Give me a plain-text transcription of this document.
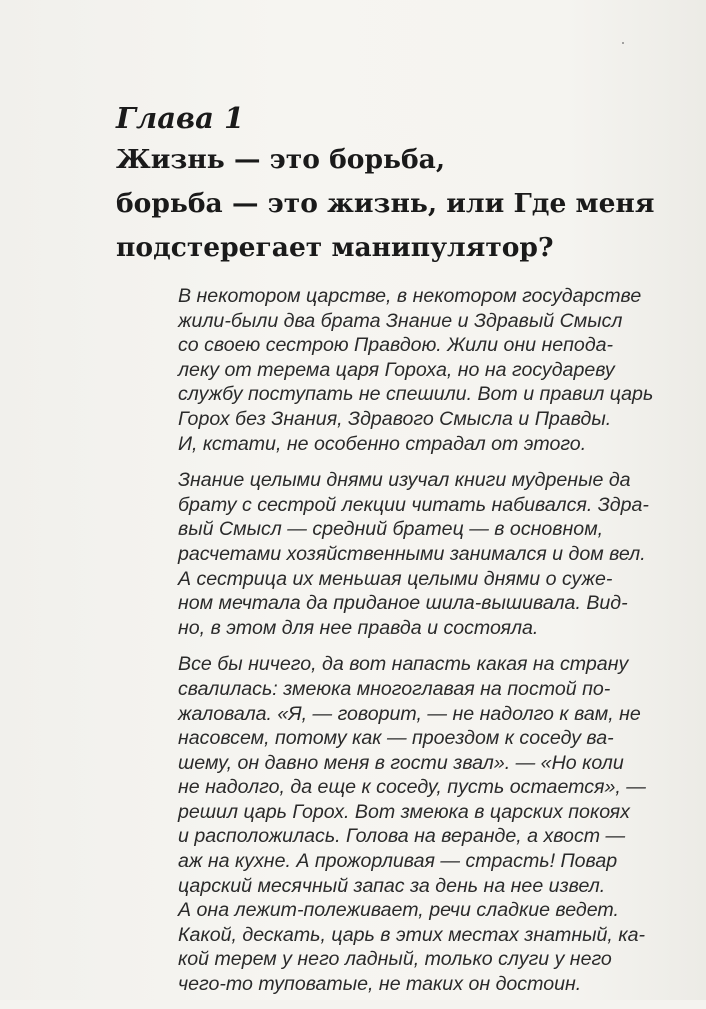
Глава 1
Жизнь — это борьба,
борьба — это жизнь, или Где меня
подстерегает манипулятор?

В некотором царстве, в некотором государстве
жили-были два брата Знание и Здравый Смысл
со своею сестрою Правдою. Жили они непода-
леку от терема царя Гороха, но на государеву
службу поступать не спешили. Вот и правил царь
Горох без Знания, Здравого Смысла и Правды.
И, кстати, не особенно страдал от этого.

Знание целыми днями изучал книги мудреные да
брату с сестрой лекции читать набивался. Здра-
вый Смысл — средний братец — в основном,
расчетами хозяйственными занимался и дом вел.
А сестрица их меньшая целыми днями о суже-
ном мечтала да приданое шила-вышивала. Вид-
но, в этом для нее правда и состояла.

Все бы ничего, да вот напасть какая на страну
свалилась: змеюка многоглавая на постой по-
жаловала. «Я, — говорит, — не надолго к вам, не
насовсем, потому как — проездом к соседу ва-
шему, он давно меня в гости звал». — «Но коли
не надолго, да еще к соседу, пусть остается», —
решил царь Горох. Вот змеюка в царских покоях
и расположилась. Голова на веранде, а хвост —
аж на кухне. А прожорливая — страсть! Повар
царский месячный запас за день на нее извел.
А она лежит-полеживает, речи сладкие ведет.
Какой, дескать, царь в этих местах знатный, ка-
кой терем у него ладный, только слуги у него
чего-то туповатые, не таких он достоин.
